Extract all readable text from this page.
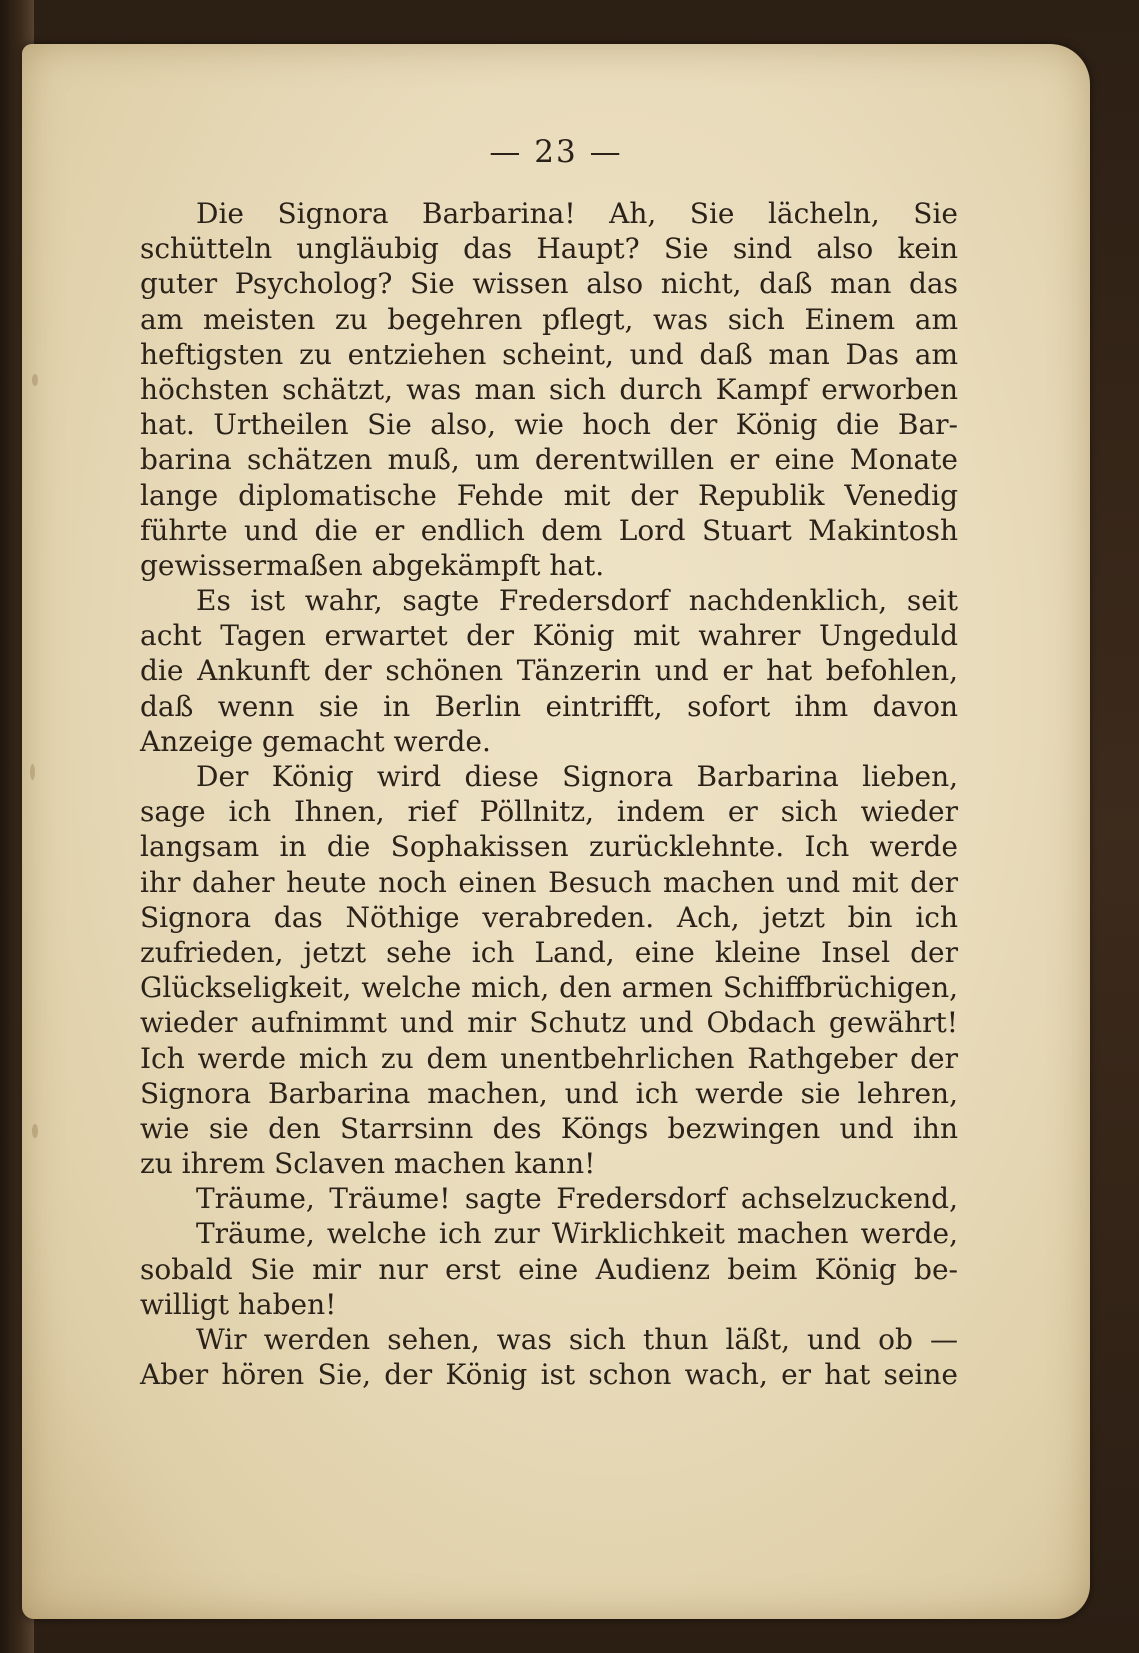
— 23 —
Die Signora Barbarina! Ah, Sie lächeln, Sie
schütteln ungläubig das Haupt? Sie sind also kein
guter Psycholog? Sie wissen also nicht, daß man das
am meisten zu begehren pflegt, was sich Einem am
heftigsten zu entziehen scheint, und daß man Das am
höchsten schätzt, was man sich durch Kampf erworben
hat. Urtheilen Sie also, wie hoch der König die Bar-
barina schätzen muß, um derentwillen er eine Monate
lange diplomatische Fehde mit der Republik Venedig
führte und die er endlich dem Lord Stuart Makintosh
gewissermaßen abgekämpft hat.
Es ist wahr, sagte Fredersdorf nachdenklich, seit
acht Tagen erwartet der König mit wahrer Ungeduld
die Ankunft der schönen Tänzerin und er hat befohlen,
daß wenn sie in Berlin eintrifft, sofort ihm davon
Anzeige gemacht werde.
Der König wird diese Signora Barbarina lieben,
sage ich Ihnen, rief Pöllnitz, indem er sich wieder
langsam in die Sophakissen zurücklehnte. Ich werde
ihr daher heute noch einen Besuch machen und mit der
Signora das Nöthige verabreden. Ach, jetzt bin ich
zufrieden, jetzt sehe ich Land, eine kleine Insel der
Glückseligkeit, welche mich, den armen Schiffbrüchigen,
wieder aufnimmt und mir Schutz und Obdach gewährt!
Ich werde mich zu dem unentbehrlichen Rathgeber der
Signora Barbarina machen, und ich werde sie lehren,
wie sie den Starrsinn des Köngs bezwingen und ihn
zu ihrem Sclaven machen kann!
Träume, Träume! sagte Fredersdorf achselzuckend,
Träume, welche ich zur Wirklichkeit machen werde,
sobald Sie mir nur erst eine Audienz beim König be-
willigt haben!
Wir werden sehen, was sich thun läßt, und ob —
Aber hören Sie, der König ist schon wach, er hat seine
